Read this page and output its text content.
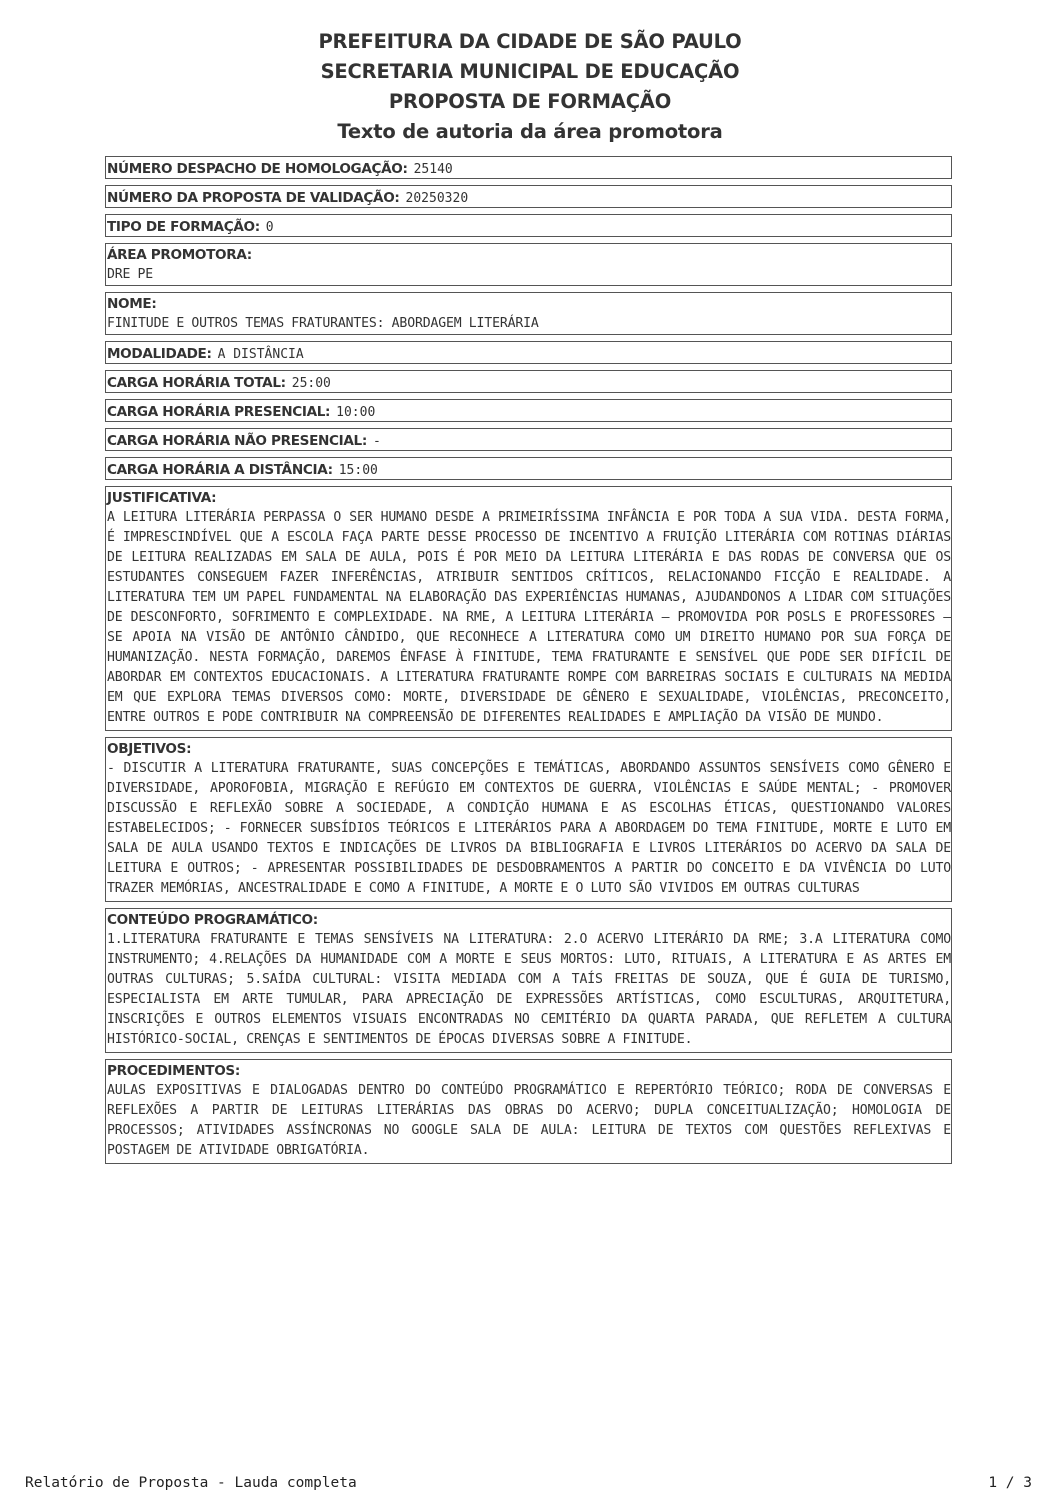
PREFEITURA DA CIDADE DE SÃO PAULO
SECRETARIA MUNICIPAL DE EDUCAÇÃO
PROPOSTA DE FORMAÇÃO
Texto de autoria da área promotora
NÚMERO DESPACHO DE HOMOLOGAÇÃO: 25140
NÚMERO DA PROPOSTA DE VALIDAÇÃO: 20250320
TIPO DE FORMAÇÃO: 0
ÁREA PROMOTORA:
DRE PE
NOME:
FINITUDE E OUTROS TEMAS FRATURANTES: ABORDAGEM LITERÁRIA
MODALIDADE: A DISTÂNCIA
CARGA HORÁRIA TOTAL: 25:00
CARGA HORÁRIA PRESENCIAL: 10:00
CARGA HORÁRIA NÃO PRESENCIAL: -
CARGA HORÁRIA A DISTÂNCIA: 15:00
JUSTIFICATIVA:
A LEITURA LITERÁRIA PERPASSA O SER HUMANO DESDE A PRIMEIRÍSSIMA INFÂNCIA E POR TODA A SUA VIDA. DESTA FORMA, É IMPRESCINDÍVEL QUE A ESCOLA FAÇA PARTE DESSE PROCESSO DE INCENTIVO A FRUIÇÃO LITERÁRIA COM ROTINAS DIÁRIAS DE LEITURA REALIZADAS EM SALA DE AULA, POIS É POR MEIO DA LEITURA LITERÁRIA E DAS RODAS DE CONVERSA QUE OS ESTUDANTES CONSEGUEM FAZER INFERÊNCIAS, ATRIBUIR SENTIDOS CRÍTICOS, RELACIONANDO FICÇÃO E REALIDADE. A LITERATURA TEM UM PAPEL FUNDAMENTAL NA ELABORAÇÃO DAS EXPERIÊNCIAS HUMANAS, AJUDANDONOS A LIDAR COM SITUAÇÕES DE DESCONFORTO, SOFRIMENTO E COMPLEXIDADE. NA RME, A LEITURA LITERÁRIA — PROMOVIDA POR POSLS E PROFESSORES — SE APOIA NA VISÃO DE ANTÔNIO CÂNDIDO, QUE RECONHECE A LITERATURA COMO UM DIREITO HUMANO POR SUA FORÇA DE HUMANIZAÇÃO. NESTA FORMAÇÃO, DAREMOS ÊNFASE À FINITUDE, TEMA FRATURANTE E SENSÍVEL QUE PODE SER DIFÍCIL DE ABORDAR EM CONTEXTOS EDUCACIONAIS. A LITERATURA FRATURANTE ROMPE COM BARREIRAS SOCIAIS E CULTURAIS NA MEDIDA EM QUE EXPLORA TEMAS DIVERSOS COMO: MORTE, DIVERSIDADE DE GÊNERO E SEXUALIDADE, VIOLÊNCIAS, PRECONCEITO, ENTRE OUTROS E PODE CONTRIBUIR NA COMPREENSÃO DE DIFERENTES REALIDADES E AMPLIAÇÃO DA VISÃO DE MUNDO.
OBJETIVOS:
- DISCUTIR A LITERATURA FRATURANTE, SUAS CONCEPÇÕES E TEMÁTICAS, ABORDANDO ASSUNTOS SENSÍVEIS COMO GÊNERO E DIVERSIDADE, APOROFOBIA, MIGRAÇÃO E REFÚGIO EM CONTEXTOS DE GUERRA, VIOLÊNCIAS E SAÚDE MENTAL; - PROMOVER DISCUSSÃO E REFLEXÃO SOBRE A SOCIEDADE, A CONDIÇÃO HUMANA E AS ESCOLHAS ÉTICAS, QUESTIONANDO VALORES ESTABELECIDOS; - FORNECER SUBSÍDIOS TEÓRICOS E LITERÁRIOS PARA A ABORDAGEM DO TEMA FINITUDE, MORTE E LUTO EM SALA DE AULA USANDO TEXTOS E INDICAÇÕES DE LIVROS DA BIBLIOGRAFIA E LIVROS LITERÁRIOS DO ACERVO DA SALA DE LEITURA E OUTROS; - APRESENTAR POSSIBILIDADES DE DESDOBRAMENTOS A PARTIR DO CONCEITO E DA VIVÊNCIA DO LUTO TRAZER MEMÓRIAS, ANCESTRALIDADE E COMO A FINITUDE, A MORTE E O LUTO SÃO VIVIDOS EM OUTRAS CULTURAS
CONTEÚDO PROGRAMÁTICO:
1.LITERATURA FRATURANTE E TEMAS SENSÍVEIS NA LITERATURA: 2.O ACERVO LITERÁRIO DA RME; 3.A LITERATURA COMO INSTRUMENTO; 4.RELAÇÕES DA HUMANIDADE COM A MORTE E SEUS MORTOS: LUTO, RITUAIS, A LITERATURA E AS ARTES EM OUTRAS CULTURAS; 5.SAÍDA CULTURAL: VISITA MEDIADA COM A TAÍS FREITAS DE SOUZA, QUE É GUIA DE TURISMO, ESPECIALISTA EM ARTE TUMULAR, PARA APRECIAÇÃO DE EXPRESSÕES ARTÍSTICAS, COMO ESCULTURAS, ARQUITETURA, INSCRIÇÕES E OUTROS ELEMENTOS VISUAIS ENCONTRADAS NO CEMITÉRIO DA QUARTA PARADA, QUE REFLETEM A CULTURA HISTÓRICO-SOCIAL, CRENÇAS E SENTIMENTOS DE ÉPOCAS DIVERSAS SOBRE A FINITUDE.
PROCEDIMENTOS:
AULAS EXPOSITIVAS E DIALOGADAS DENTRO DO CONTEÚDO PROGRAMÁTICO E REPERTÓRIO TEÓRICO; RODA DE CONVERSAS E REFLEXÕES A PARTIR DE LEITURAS LITERÁRIAS DAS OBRAS DO ACERVO; DUPLA CONCEITUALIZAÇÃO; HOMOLOGIA DE PROCESSOS; ATIVIDADES ASSÍNCRONAS NO GOOGLE SALA DE AULA: LEITURA DE TEXTOS COM QUESTÕES REFLEXIVAS E POSTAGEM DE ATIVIDADE OBRIGATÓRIA.
Relatório de Proposta - Lauda completa	1 / 3
